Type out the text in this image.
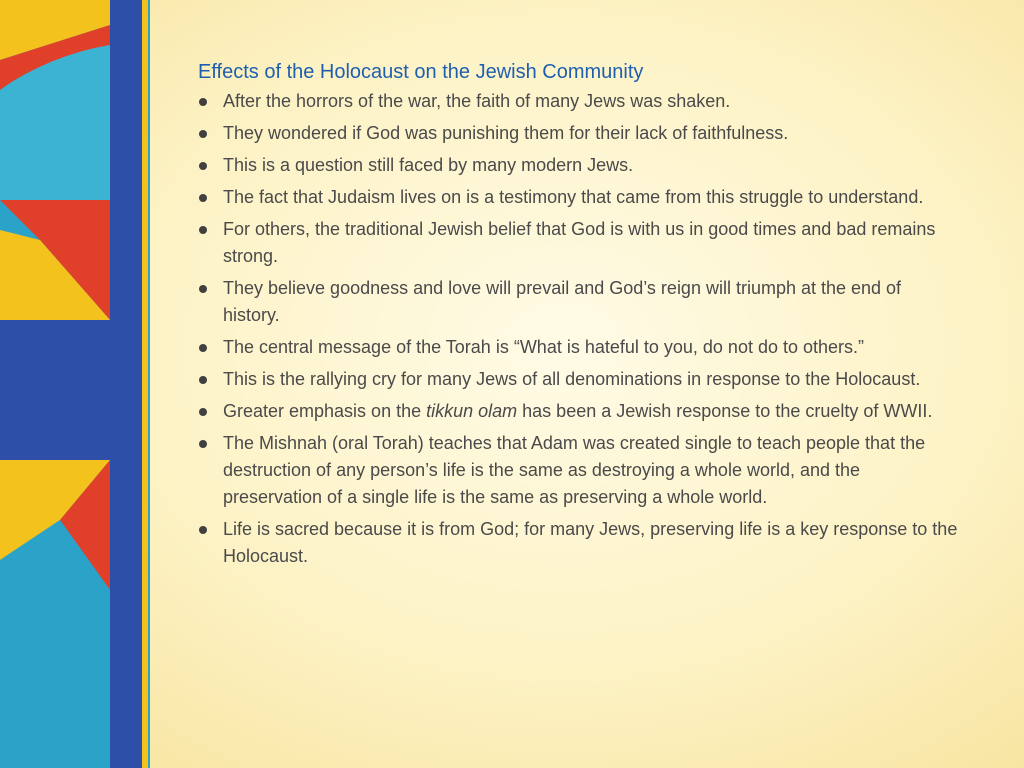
Effects of the Holocaust on the Jewish Community
After the horrors of the war, the faith of many Jews was shaken.
They wondered if God was punishing them for their lack of faithfulness.
This is a question still faced by many modern Jews.
The fact that Judaism lives on is a testimony that came from this struggle to understand.
For others, the traditional Jewish belief that God is with us in good times and bad remains strong.
They believe goodness and love will prevail and God’s reign will triumph at the end of history.
The central message of the Torah is “What is hateful to you, do not do to others.”
This is the rallying cry for many Jews of all denominations in response to the Holocaust.
Greater emphasis on the tikkun olam has been a Jewish response to the cruelty of WWII.
The Mishnah (oral Torah) teaches that Adam was created single to teach people that the destruction of any person’s life is the same as destroying a whole world, and the preservation of a single life is the same as preserving a whole world.
Life is sacred because it is from God; for many Jews, preserving life is a key response to the Holocaust.
